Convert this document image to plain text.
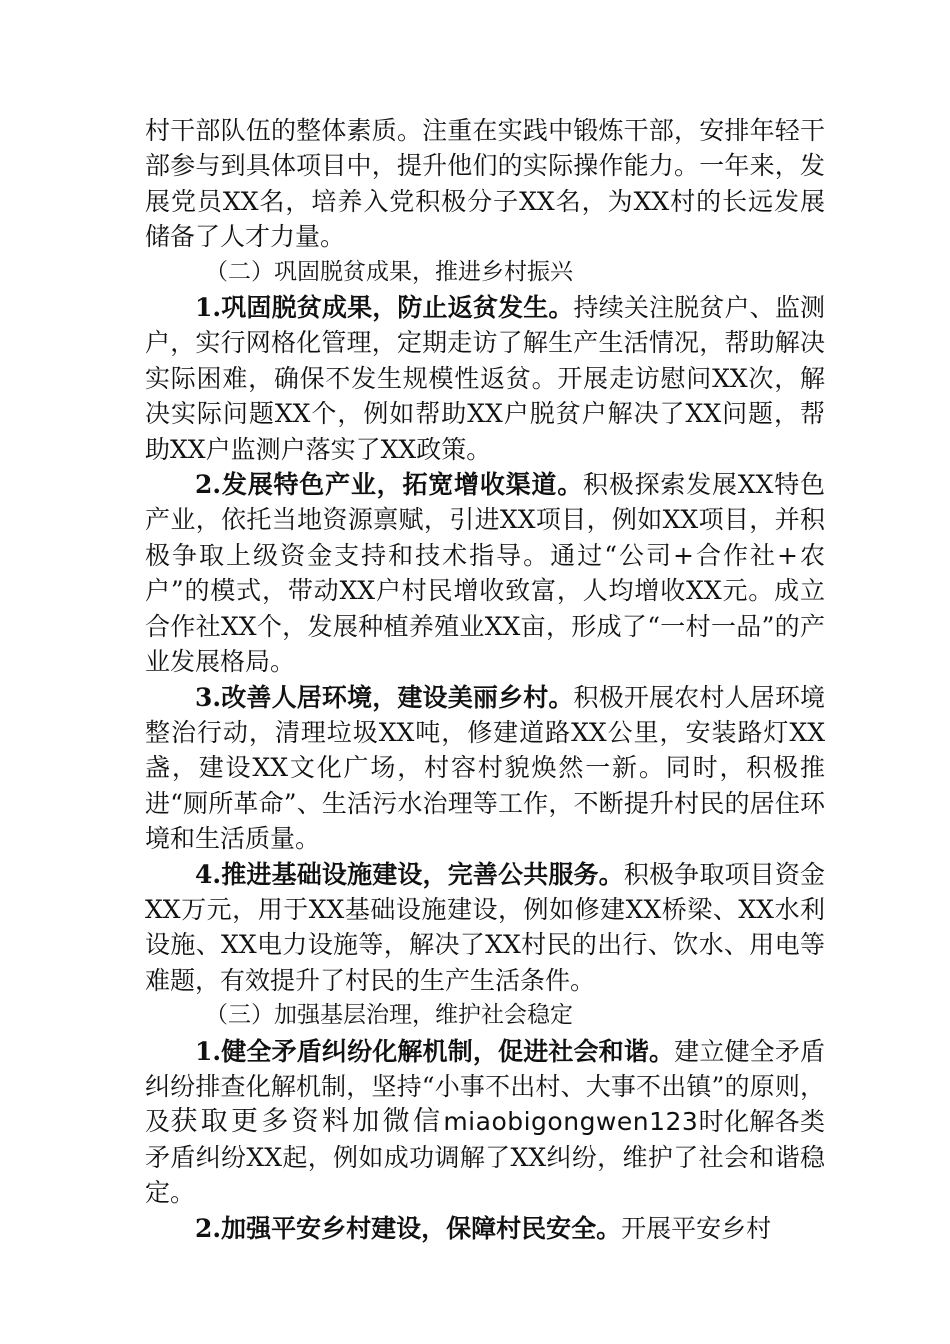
村干部队伍的整体素质。注重在实践中锻炼干部，安排年轻干部参与到具体项目中，提升他们的实际操作能力。一年来，发展党员XX名，培养入党积极分子XX名，为XX村的长远发展储备了人才力量。

（二）巩固脱贫成果，推进乡村振兴

1.巩固脱贫成果，防止返贫发生。持续关注脱贫户、监测户，实行网格化管理，定期走访了解生产生活情况，帮助解决实际困难，确保不发生规模性返贫。开展走访慰问XX次，解决实际问题XX个，例如帮助XX户脱贫户解决了XX问题，帮助XX户监测户落实了XX政策。

2.发展特色产业，拓宽增收渠道。积极探索发展XX特色产业，依托当地资源禀赋，引进XX项目，例如XX项目，并积极争取上级资金支持和技术指导。通过“公司+合作社+农户”的模式，带动XX户村民增收致富，人均增收XX元。成立合作社XX个，发展种植养殖业XX亩，形成了“一村一品”的产业发展格局。

3.改善人居环境，建设美丽乡村。积极开展农村人居环境整治行动，清理垃圾XX吨，修建道路XX公里，安装路灯XX盏，建设XX文化广场，村容村貌焕然一新。同时，积极推进“厕所革命”、生活污水治理等工作，不断提升村民的居住环境和生活质量。

4.推进基础设施建设，完善公共服务。积极争取项目资金XX万元，用于XX基础设施建设，例如修建XX桥梁、XX水利设施、XX电力设施等，解决了XX村民的出行、饮水、用电等难题，有效提升了村民的生产生活条件。

（三）加强基层治理，维护社会稳定

1.健全矛盾纠纷化解机制，促进社会和谐。建立健全矛盾纠纷排查化解机制，坚持“小事不出村、大事不出镇”的原则，及获取更多资料加微信miaobigongwen123时化解各类矛盾纠纷XX起，例如成功调解了XX纠纷，维护了社会和谐稳定。

2.加强平安乡村建设，保障村民安全。开展平安乡村
